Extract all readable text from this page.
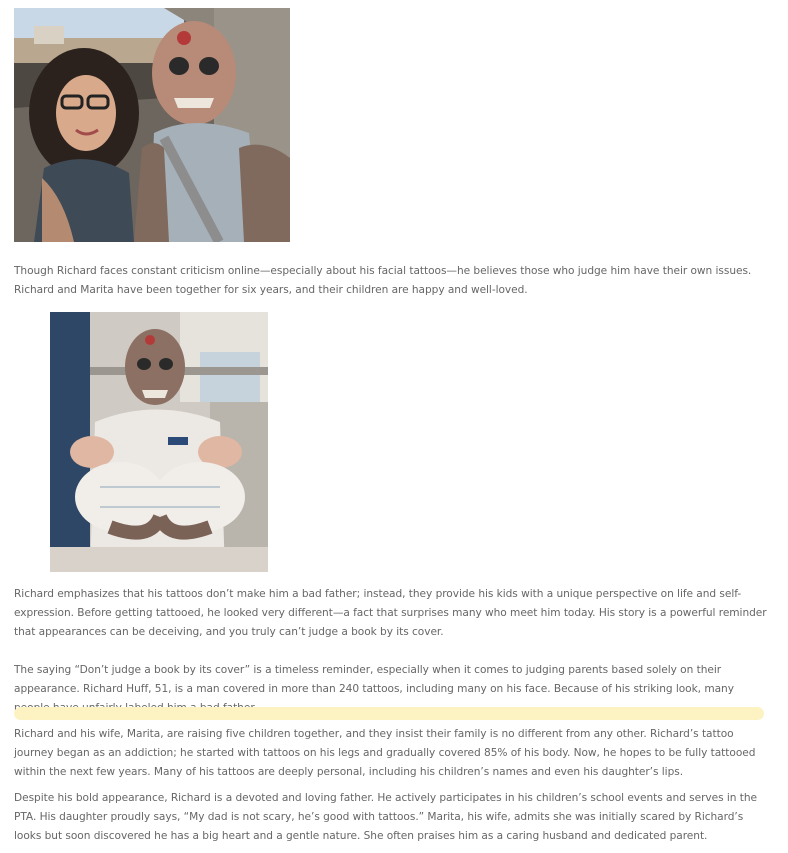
Though Richard faces constant criticism online—especially about his facial tattoos—he believes those who judge him have their own issues. Richard and Marita have been together for six years, and their children are happy and well-loved.

Richard emphasizes that his tattoos don’t make him a bad father; instead, they provide his kids with a unique perspective on life and self-expression. Before getting tattooed, he looked very different—a fact that surprises many who meet him today. His story is a powerful reminder that appearances can be deceiving, and you truly can’t judge a book by its cover.

The saying “Don’t judge a book by its cover” is a timeless reminder, especially when it comes to judging parents based solely on their appearance. Richard Huff, 51, is a man covered in more than 240 tattoos, including many on his face. Because of his striking look, many

Richard and his wife, Marita, are raising five children together, and they insist their family is no different from any other. Richard’s tattoo journey began as an addiction; he started with tattoos on his legs and gradually covered 85% of his body. Now, he hopes to be fully tattooed within the next few years. Many of his tattoos are deeply personal, including his children’s names and even his daughter’s lips.

Despite his bold appearance, Richard is a devoted and loving father. He actively participates in his children’s school events and serves in the PTA. His daughter proudly says, “My dad is not scary, he’s good with tattoos.” Marita, his wife, admits she was initially scared by Richard’s looks but soon discovered he has a big heart and a gentle nature. She often praises him as a caring husband and dedicated parent.
